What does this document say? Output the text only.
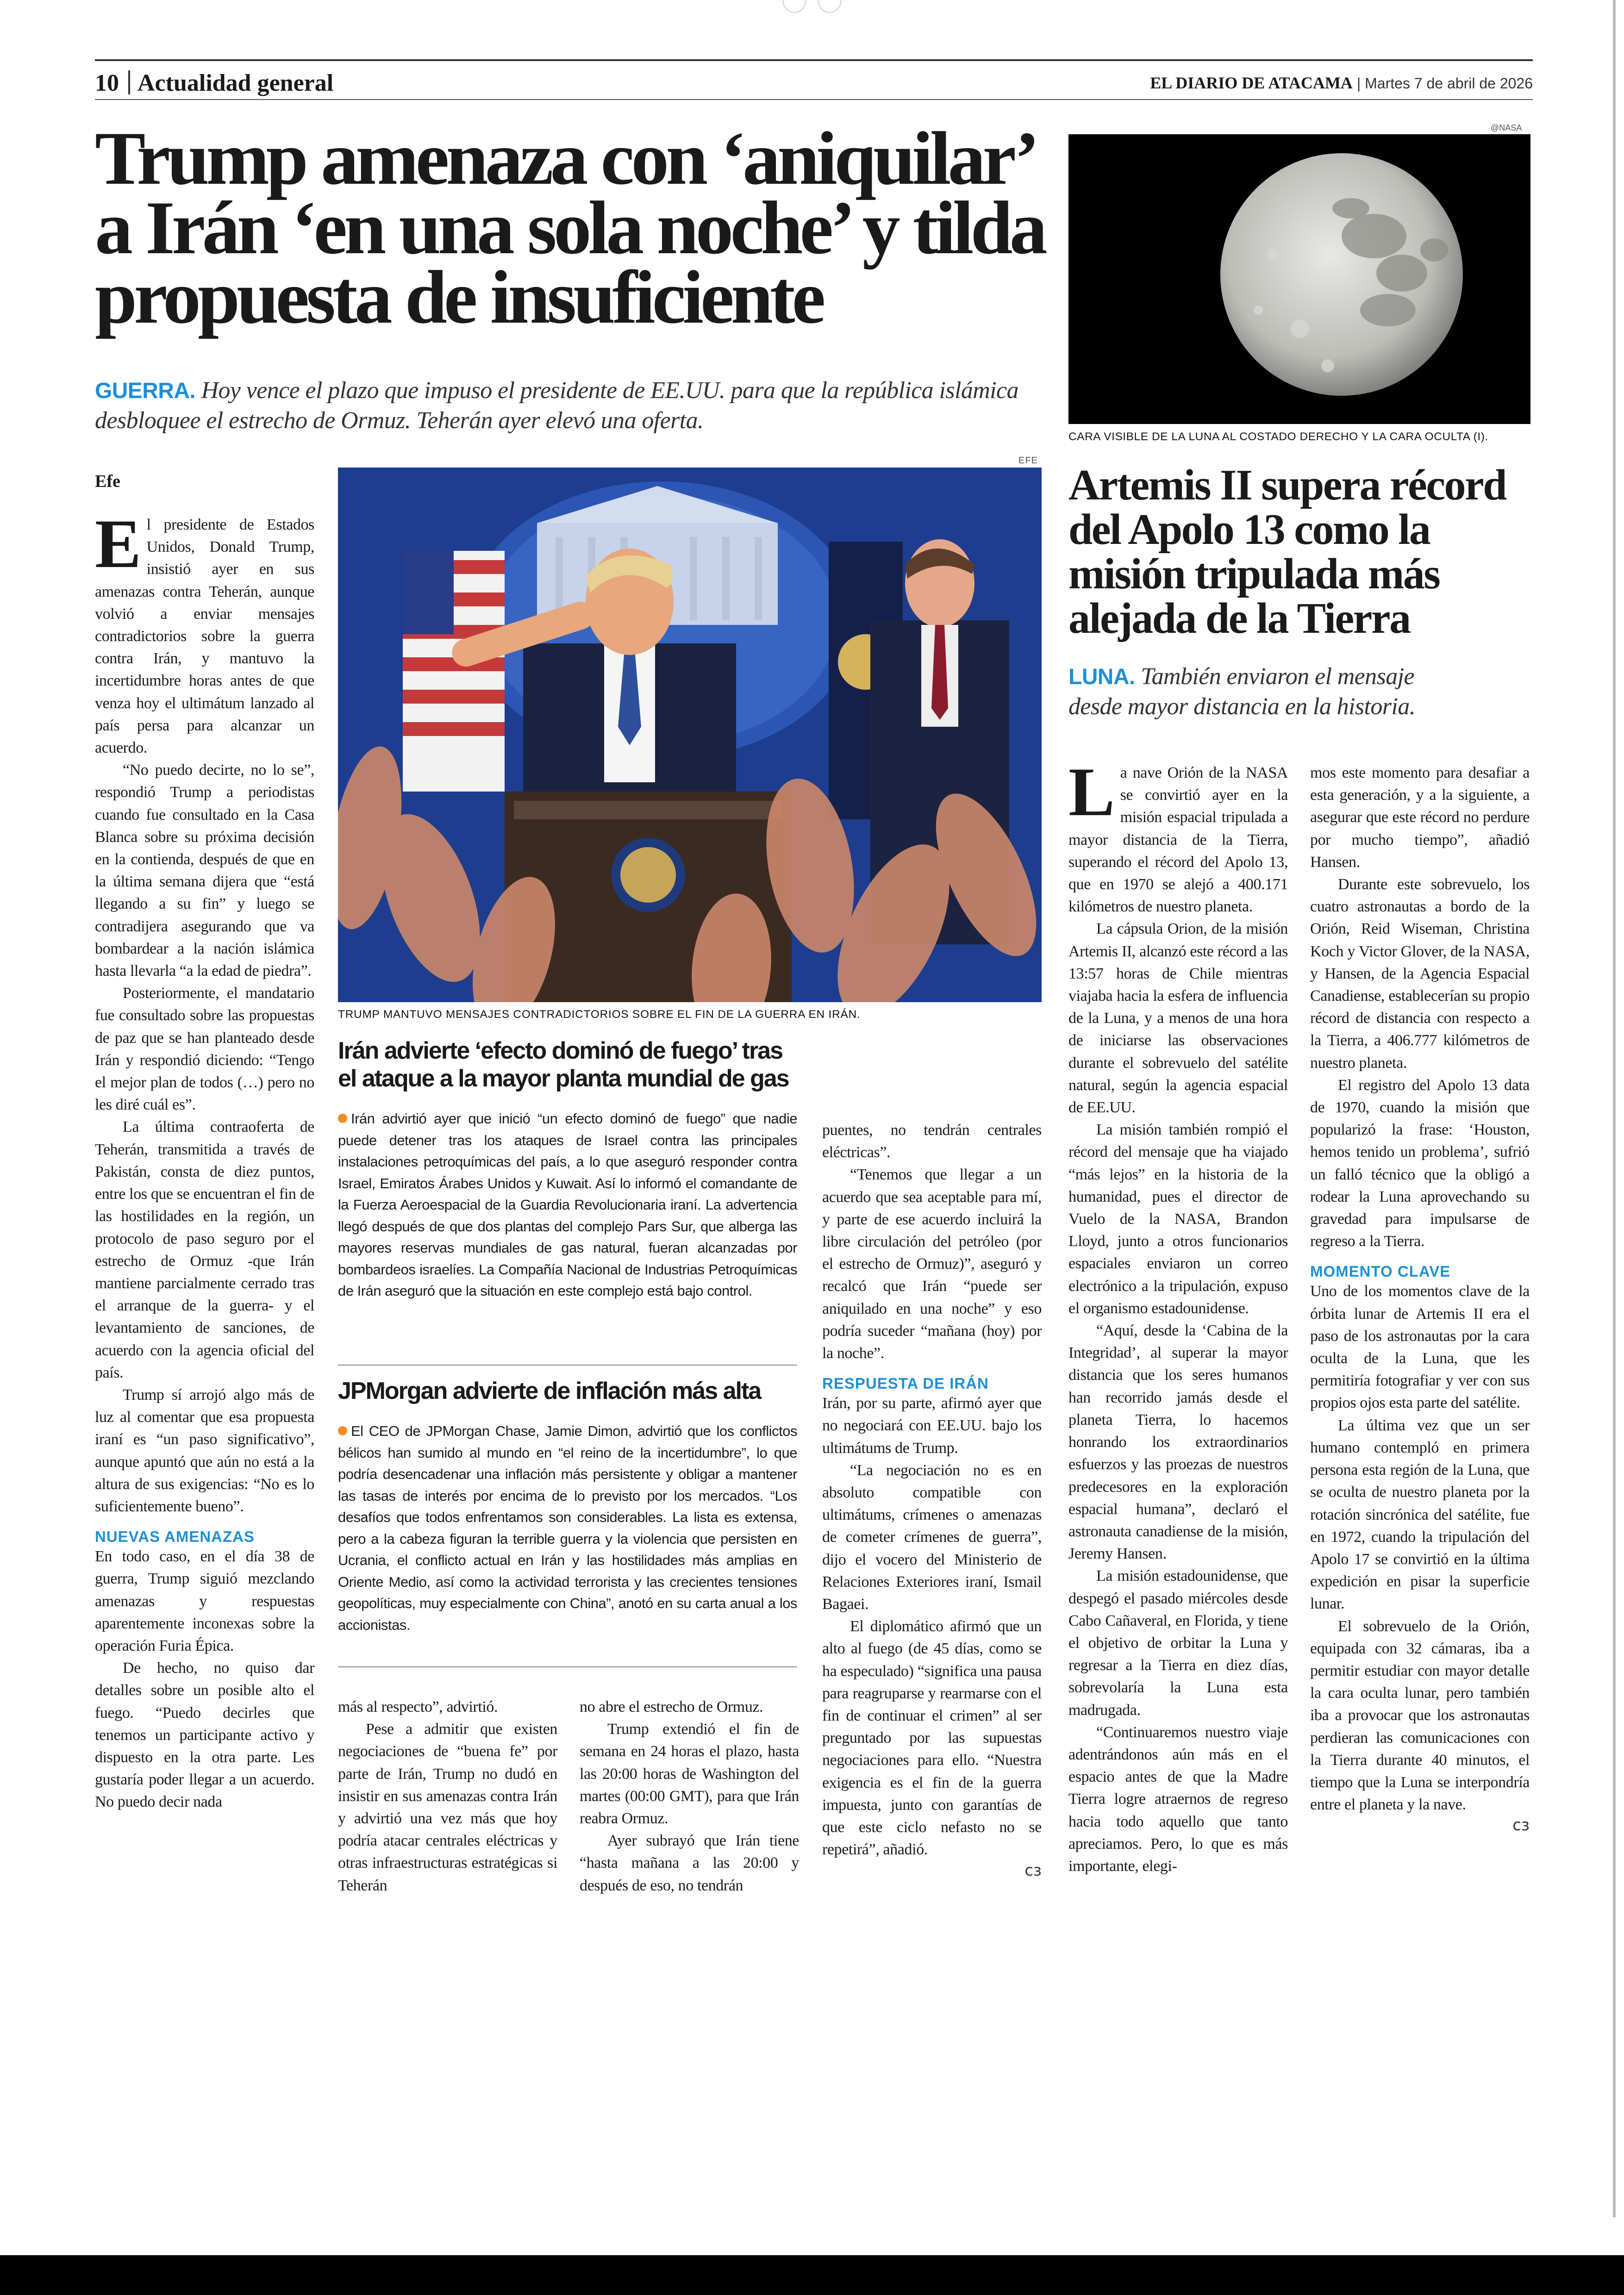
10 Actualidad general	EL DIARIO DE ATACAMA | Martes 7 de abril de 2026
Trump amenaza con ‘aniquilar’
a Irán ‘en una sola noche’ y tilda
propuesta de insuficiente
GUERRA. Hoy vence el plazo que impuso el presidente de EE.UU. para que la república islámica desbloquee el estrecho de Ormuz. Teherán ayer elevó una oferta.
Efe
EFE
TRUMP MANTUVO MENSAJES CONTRADICTORIOS SOBRE EL FIN DE LA GUERRA EN IRÁN.
El presidente de Estados Unidos, Donald Trump, insistió ayer en sus amenazas contra Teherán, aunque volvió a enviar mensajes contradictorios sobre la guerra contra Irán, y mantuvo la incertidumbre horas antes de que venza hoy el ultimátum lanzado al país persa para alcanzar un acuerdo.
“No puedo decirte, no lo se”, respondió Trump a periodistas cuando fue consultado en la Casa Blanca sobre su próxima decisión en la contienda, después de que en la última semana dijera que “está llegando a su fin” y luego se contradijera asegurando que va bombardear a la nación islámica hasta llevarla “a la edad de piedra”.
Posteriormente, el mandatario fue consultado sobre las propuestas de paz que se han planteado desde Irán y respondió diciendo: “Tengo el mejor plan de todos (…) pero no les diré cuál es”.
La última contraoferta de Teherán, transmitida a través de Pakistán, consta de diez puntos, entre los que se encuentran el fin de las hostilidades en la región, un protocolo de paso seguro por el estrecho de Ormuz -que Irán mantiene parcialmente cerrado tras el arranque de la guerra- y el levantamiento de sanciones, de acuerdo con la agencia oficial del país.
Trump sí arrojó algo más de luz al comentar que esa propuesta iraní es “un paso significativo”, aunque apuntó que aún no está a la altura de sus exigencias: “No es lo suficientemente bueno”.
NUEVAS AMENAZAS
En todo caso, en el día 38 de guerra, Trump siguió mezclando amenazas y respuestas aparentemente inconexas sobre la operación Furia Épica.
De hecho, no quiso dar detalles sobre un posible alto el fuego. “Puedo decirles que tenemos un participante activo y dispuesto en la otra parte. Les gustaría poder llegar a un acuerdo. No puedo decir nada
Irán advierte ‘efecto dominó de fuego’ tras
el ataque a la mayor planta mundial de gas
Irán advirtió ayer que inició “un efecto dominó de fuego” que nadie puede detener tras los ataques de Israel contra las principales instalaciones petroquímicas del país, a lo que aseguró responder contra Israel, Emiratos Árabes Unidos y Kuwait. Así lo informó el comandante de la Fuerza Aeroespacial de la Guardia Revolucionaria iraní. La advertencia llegó después de que dos plantas del complejo Pars Sur, que alberga las mayores reservas mundiales de gas natural, fueran alcanzadas por bombardeos israelíes. La Compañía Nacional de Industrias Petroquímicas de Irán aseguró que la situación en este complejo está bajo control.
JPMorgan advierte de inflación más alta
El CEO de JPMorgan Chase, Jamie Dimon, advirtió que los conflictos bélicos han sumido al mundo en “el reino de la incertidumbre”, lo que podría desencadenar una inflación más persistente y obligar a mantener las tasas de interés por encima de lo previsto por los mercados. “Los desafíos que todos enfrentamos son considerables. La lista es extensa, pero a la cabeza figuran la terrible guerra y la violencia que persisten en Ucrania, el conflicto actual en Irán y las hostilidades más amplias en Oriente Medio, así como la actividad terrorista y las crecientes tensiones geopolíticas, muy especialmente con China”, anotó en su carta anual a los accionistas.
más al respecto”, advirtió.
Pese a admitir que existen negociaciones de “buena fe” por parte de Irán, Trump no dudó en insistir en sus amenazas contra Irán y advirtió una vez más que hoy podría atacar centrales eléctricas y otras infraestructuras estratégicas si Teherán
no abre el estrecho de Ormuz.
Trump extendió el fin de semana en 24 horas el plazo, hasta las 20:00 horas de Washington del martes (00:00 GMT), para que Irán reabra Ormuz.
Ayer subrayó que Irán tiene “hasta mañana a las 20:00 y después de eso, no tendrán
puentes, no tendrán centrales eléctricas”.
“Tenemos que llegar a un acuerdo que sea aceptable para mí, y parte de ese acuerdo incluirá la libre circulación del petróleo (por el estrecho de Ormuz)”, aseguró y recalcó que Irán “puede ser aniquilado en una noche” y eso podría suceder “mañana (hoy) por la noche”.
RESPUESTA DE IRÁN
Irán, por su parte, afirmó ayer que no negociará con EE.UU. bajo los ultimátums de Trump.
“La negociación no es en absoluto compatible con ultimátums, crímenes o amenazas de cometer crímenes de guerra”, dijo el vocero del Ministerio de Relaciones Exteriores iraní, Ismail Bagaei.
El diplomático afirmó que un alto al fuego (de 45 días, como se ha especulado) “significa una pausa para reagruparse y rearmarse con el fin de continuar el crimen” al ser preguntado por las supuestas negociaciones para ello. “Nuestra exigencia es el fin de la guerra impuesta, junto con garantías de que este ciclo nefasto no se repetirá”, añadió.
cз
@NASA
CARA VISIBLE DE LA LUNA AL COSTADO DERECHO Y LA CARA OCULTA (I).
Artemis II supera récord
del Apolo 13 como la
misión tripulada más
alejada de la Tierra
LUNA. También enviaron el mensaje
desde mayor distancia en la historia.
La nave Orión de la NASA se convirtió ayer en la misión espacial tripulada a mayor distancia de la Tierra, superando el récord del Apolo 13, que en 1970 se alejó a 400.171 kilómetros de nuestro planeta.
La cápsula Orion, de la misión Artemis II, alcanzó este récord a las 13:57 horas de Chile mientras viajaba hacia la esfera de influencia de la Luna, y a menos de una hora de iniciarse las observaciones durante el sobrevuelo del satélite natural, según la agencia espacial de EE.UU.
La misión también rompió el récord del mensaje que ha viajado “más lejos” en la historia de la humanidad, pues el director de Vuelo de la NASA, Brandon Lloyd, junto a otros funcionarios espaciales enviaron un correo electrónico a la tripulación, expuso el organismo estadounidense.
“Aquí, desde la ‘Cabina de la Integridad’, al superar la mayor distancia que los seres humanos han recorrido jamás desde el planeta Tierra, lo hacemos honrando los extraordinarios esfuerzos y las proezas de nuestros predecesores en la exploración espacial humana”, declaró el astronauta canadiense de la misión, Jeremy Hansen.
La misión estadounidense, que despegó el pasado miércoles desde Cabo Cañaveral, en Florida, y tiene el objetivo de orbitar la Luna y regresar a la Tierra en diez días, sobrevolaría la Luna esta madrugada.
“Continuaremos nuestro viaje adentrándonos aún más en el espacio antes de que la Madre Tierra logre atraernos de regreso hacia todo aquello que tanto apreciamos. Pero, lo que es más importante, elegi-
mos este momento para desafiar a esta generación, y a la siguiente, a asegurar que este récord no perdure por mucho tiempo”, añadió Hansen.
Durante este sobrevuelo, los cuatro astronautas a bordo de la Orión, Reid Wiseman, Christina Koch y Victor Glover, de la NASA, y Hansen, de la Agencia Espacial Canadiense, establecerían su propio récord de distancia con respecto a la Tierra, a 406.777 kilómetros de nuestro planeta.
El registro del Apolo 13 data de 1970, cuando la misión que popularizó la frase: ‘Houston, hemos tenido un problema’, sufrió un falló técnico que la obligó a rodear la Luna aprovechando su gravedad para impulsarse de regreso a la Tierra.
MOMENTO CLAVE
Uno de los momentos clave de la órbita lunar de Artemis II era el paso de los astronautas por la cara oculta de la Luna, que les permitiría fotografiar y ver con sus propios ojos esta parte del satélite.
La última vez que un ser humano contempló en primera persona esta región de la Luna, que se oculta de nuestro planeta por la rotación sincrónica del satélite, fue en 1972, cuando la tripulación del Apolo 17 se convirtió en la última expedición en pisar la superficie lunar.
El sobrevuelo de la Orión, equipada con 32 cámaras, iba a permitir estudiar con mayor detalle la cara oculta lunar, pero también iba a provocar que los astronautas perdieran las comunicaciones con la Tierra durante 40 minutos, el tiempo que la Luna se interpondría entre el planeta y la nave.
cз
